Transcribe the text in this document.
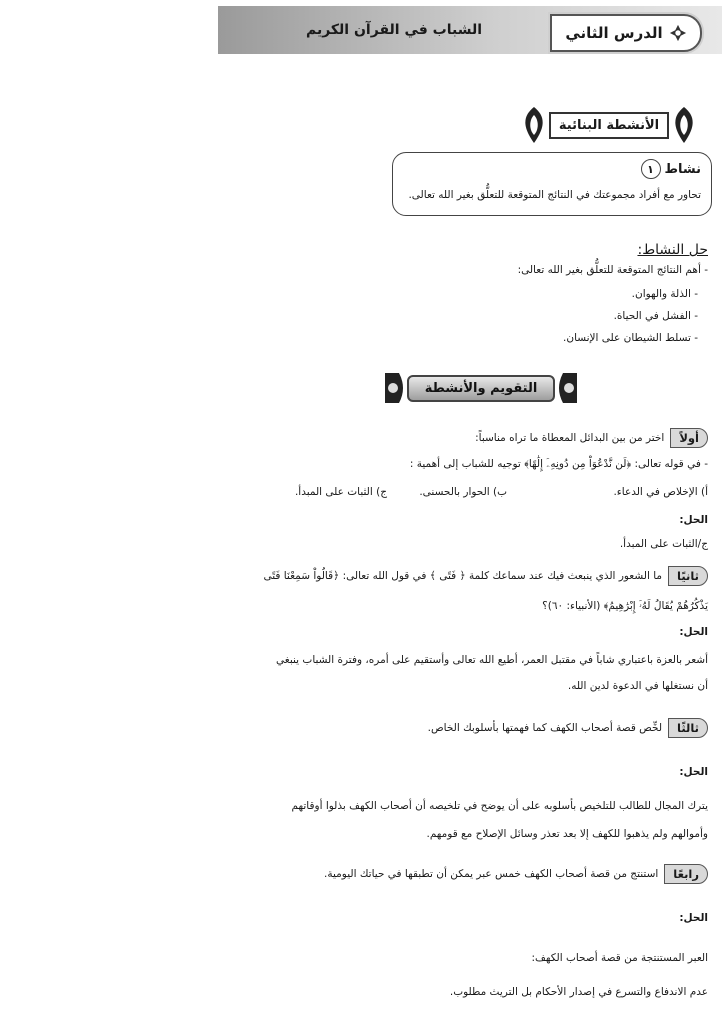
الدرس الثاني
الشباب في القرآن الكريم
الأنشطة البنائية
نشاط
١
تحاور مع أفراد مجموعتك في النتائج المتوقعة للتعلُّق بغير الله تعالى.
حل النشاط:
- أهم النتائج المتوقعة للتعلُّق بغير الله تعالى:
- الذلة والهوان.
- الفشل في الحياة.
- تسلط الشيطان على الإنسان.
التقويم والأنشطة
أولاً
اختر من بين البدائل المعطاة ما تراه مناسباً:
- في قوله تعالى: ﴿لَن نَّدْعُوَاْ مِن دُونِهِۦٓ إِلَٰهًا﴾ توجيه للشباب إلى أهمية :
أ) الإخلاص في الدعاء.
ب) الحوار بالحسنى.
ج) الثبات على المبدأ.
الحل:
ج/الثبات على المبدأ.
ثانيًا
ما الشعور الذي ينبعث فيك عند سماعك كلمة ﴿ فَتًى ﴾ في قول الله تعالى: ﴿قَالُواْ سَمِعْنَا فَتًى
يَذْكُرُهُمْ يُقَالُ لَهُۥٓ إِبْرَٰهِيمُ﴾ (الأنبياء: ٦٠)؟
الحل:
أشعر بالعزة باعتباري شاباً في مقتبل العمر، أطيع الله تعالى وأستقيم على أمره، وفترة الشباب ينبغي
أن نستغلها في الدعوة لدين الله.
ثالثًا
لخِّص قصة أصحاب الكهف كما فهمتها بأسلوبك الخاص.
الحل:
يترك المجال للطالب للتلخيص بأسلوبه على أن يوضح في تلخيصه أن أصحاب الكهف بذلوا أوقاتهم
وأموالهم ولم يذهبوا للكهف إلا بعد تعذر وسائل الإصلاح مع قومهم.
رابعًا
استنتج من قصة أصحاب الكهف خمس عبر يمكن أن تطبقها في حياتك اليومية.
الحل:
العبر المستنتجة من قصة أصحاب الكهف:
عدم الاندفاع والتسرع في إصدار الأحكام بل التريث مطلوب.
